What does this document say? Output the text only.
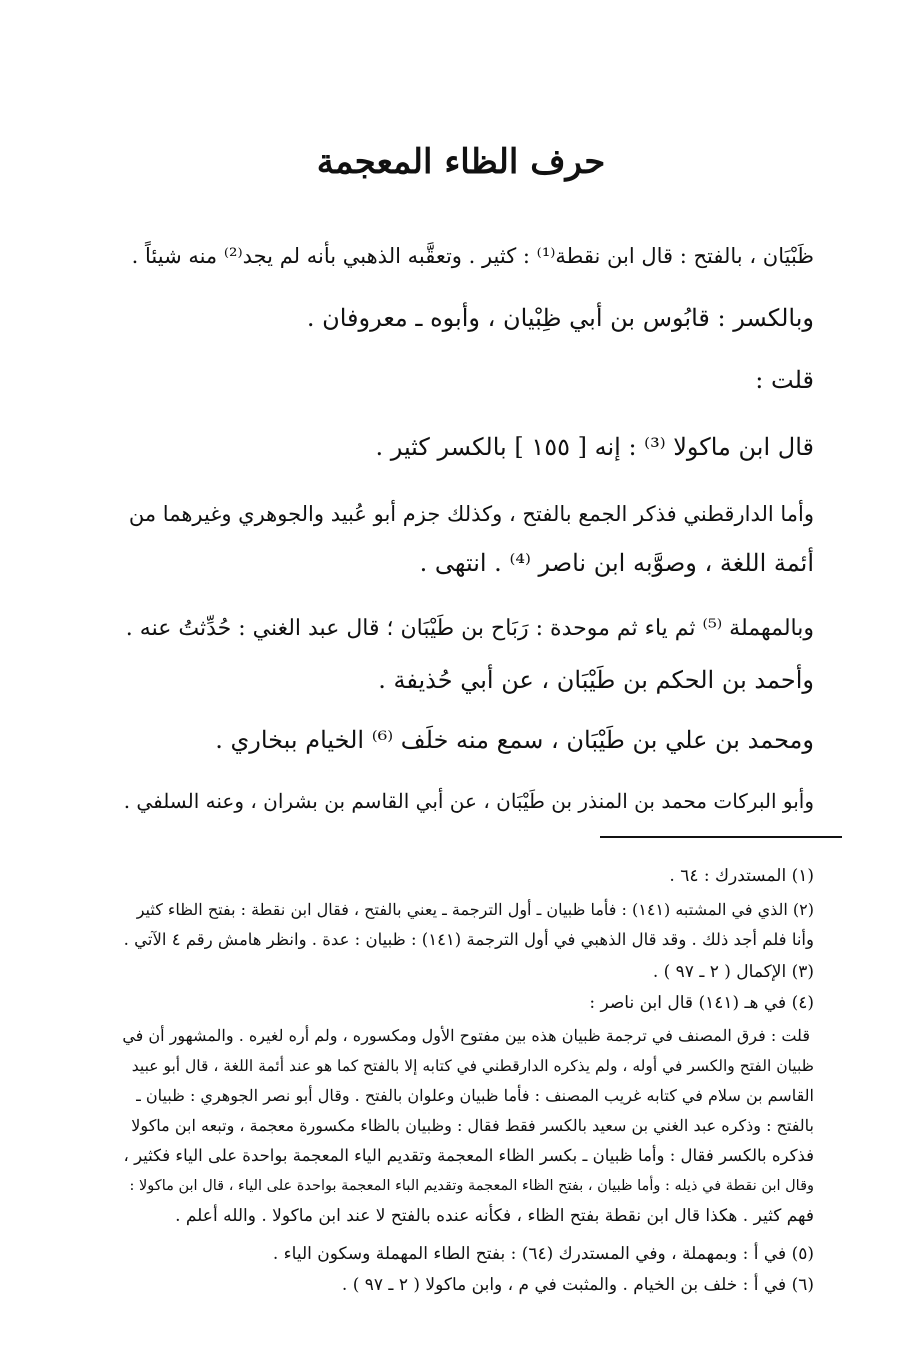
حرف الظاء المعجمة
ظَبْيَان ، بالفتح : قال ابن نقطة⁽¹⁾ : كثير . وتعقَّبه الذهبي بأنه لم يجد⁽²⁾ منه شيئاً .
وبالكسر : قابُوس بن أبي ظِبْيان ، وأبوه ـ معروفان .
قلت :
قال ابن ماكولا ⁽³⁾ : إنه [ ١٥٥ ] بالكسر كثير .
وأما الدارقطني فذكر الجمع بالفتح ، وكذلك جزم أبو عُبيد والجوهري وغيرهما من
أئمة اللغة ، وصوَّبه ابن ناصر ⁽⁴⁾ . انتهى .
وبالمهملة ⁽⁵⁾ ثم ياء ثم موحدة : رَبَاح بن طَيْبَان ؛ قال عبد الغني : حُدِّثتُ عنه .
وأحمد بن الحكم بن طَيْبَان ، عن أبي حُذيفة .
ومحمد بن علي بن طَيْبَان ، سمع منه خلَف ⁽⁶⁾ الخيام ببخاري .
وأبو البركات محمد بن المنذر بن طَيْبَان ، عن أبي القاسم بن بشران ، وعنه السلفي .
(١) المستدرك : ٦٤ .
(٢) الذي في المشتبه (١٤١) : فأما ظبيان ـ أول الترجمة ـ يعني بالفتح ، فقال ابن نقطة : بفتح الظاء كثير
وأنا فلم أجد ذلك . وقد قال الذهبي في أول الترجمة (١٤١) : ظبيان : عدة . وانظر هامش رقم ٤ الآتي .
(٣) الإكمال ( ٢ ـ ٩٧ ) .
(٤) في هـ (١٤١) قال ابن ناصر :
قلت : فرق المصنف في ترجمة ظبيان هذه بين مفتوح الأول ومكسوره ، ولم أره لغيره . والمشهور أن في
ظبيان الفتح والكسر في أوله ، ولم يذكره الدارقطني في كتابه إلا بالفتح كما هو عند أئمة اللغة ، قال أبو عبيد
القاسم بن سلام في كتابه غريب المصنف : فأما ظبيان وعلوان بالفتح . وقال أبو نصر الجوهري : ظبيان ـ
بالفتح : وذكره عبد الغني بن سعيد بالكسر فقط فقال : وظبيان بالظاء مكسورة معجمة ، وتبعه ابن ماكولا
فذكره بالكسر فقال : وأما ظبيان ـ بكسر الظاء المعجمة وتقديم الياء المعجمة بواحدة على الياء فكثير ،
وقال ابن نقطة في ذيله : وأما ظبيان ، بفتح الظاء المعجمة وتقديم الباء المعجمة بواحدة على الياء ، قال ابن ماكولا :
فهم كثير . هكذا قال ابن نقطة بفتح الظاء ، فكأنه عنده بالفتح لا عند ابن ماكولا . والله أعلم .
(٥) في أ : وبمهملة ، وفي المستدرك (٦٤) : بفتح الطاء المهملة وسكون الياء .
(٦) في أ : خلف بن الخيام . والمثبت في م ، وابن ماكولا ( ٢ ـ ٩٧ ) .
